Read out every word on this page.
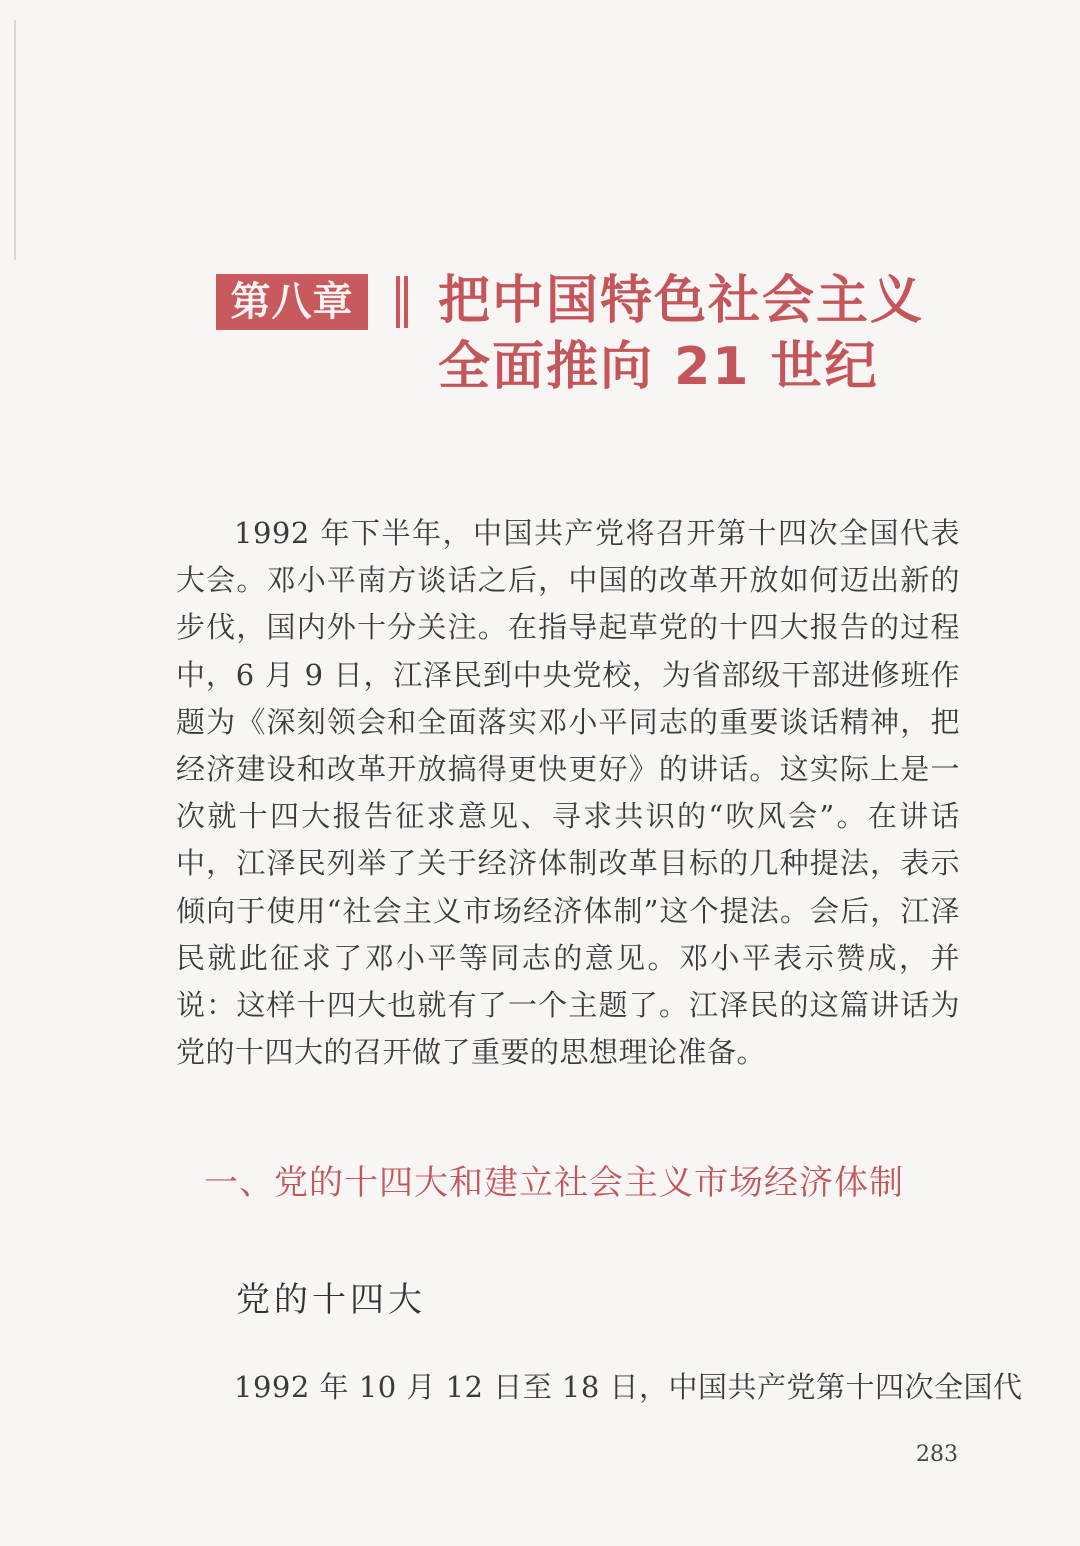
第八章 把中国特色社会主义
全面推向 21 世纪
1992 年下半年，中国共产党将召开第十四次全国代表大会。邓小平南方谈话之后，中国的改革开放如何迈出新的步伐，国内外十分关注。在指导起草党的十四大报告的过程中，6 月 9 日，江泽民到中央党校，为省部级干部进修班作题为《深刻领会和全面落实邓小平同志的重要谈话精神，把经济建设和改革开放搞得更快更好》的讲话。这实际上是一次就十四大报告征求意见、寻求共识的“吹风会”。在讲话中，江泽民列举了关于经济体制改革目标的几种提法，表示倾向于使用“社会主义市场经济体制”这个提法。会后，江泽民就此征求了邓小平等同志的意见。邓小平表示赞成，并说：这样十四大也就有了一个主题了。江泽民的这篇讲话为党的十四大的召开做了重要的思想理论准备。
一、党的十四大和建立社会主义市场经济体制
党的十四大
1992 年 10 月 12 日至 18 日，中国共产党第十四次全国代
283
